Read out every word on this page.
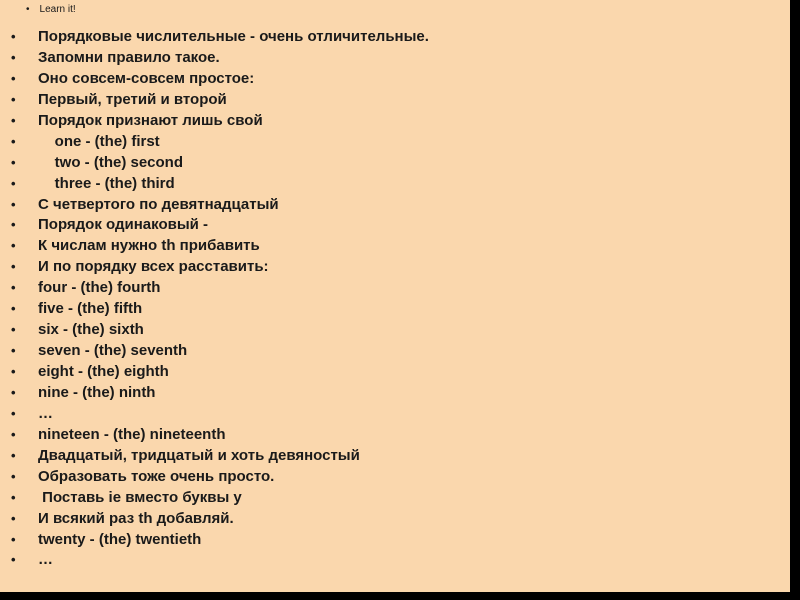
• Learn it!
• Порядковые числительные - очень отличительные.
• Запомни правило такое.
• Оно совсем-совсем простое:
• Первый, третий и второй
• Порядок признают лишь свой
• one - (the) first
• two - (the) second
• three - (the) third
• С четвертого по девятнадцатый
• Порядок одинаковый -
• К числам нужно th прибавить
• И по порядку всех расставить:
• four - (the) fourth
• five - (the) fifth
• six - (the) sixth
• seven - (the) seventh
• eight - (the) eighth
• nine - (the) ninth
• …
• nineteen - (the) nineteenth
• Двадцатый, тридцатый и хоть девяностый
• Образовать тоже очень просто.
• Поставь ie вместо буквы у
• И всякий раз th добавляй.
• twenty - (the) twentieth
• …
